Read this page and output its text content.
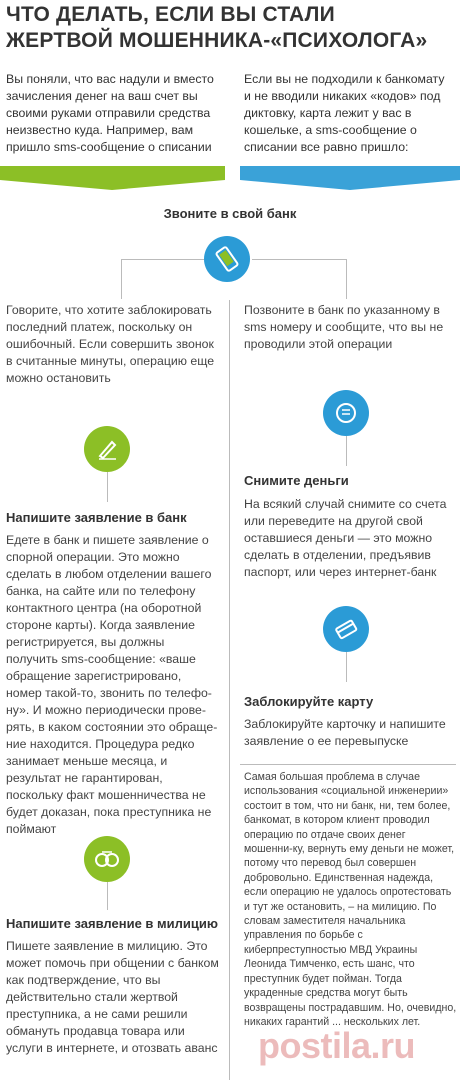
ЧТО ДЕЛАТЬ, ЕСЛИ ВЫ СТАЛИ
ЖЕРТВОЙ МОШЕННИКА-«ПСИХОЛОГА»
Вы поняли, что вас надули и вместо зачисления денег на ваш счет вы своими руками отправили средства неизвестно куда. Например, вам пришло sms-сообщение о списании
Если вы не подходили к банкомату и не вводили никаких «кодов» под диктовку, карта лежит у вас в кошельке, а sms-сообщение о списании все равно пришло:
Звоните в свой банк
Говорите, что хотите заблокировать последний платеж, поскольку он ошибочный. Если совершить звонок в считанные минуты, операцию еще можно остановить
Позвоните в банк по указанному в sms номеру и сообщите, что вы не проводили этой операции
Снимите деньги
На всякий случай снимите со счета или переведите на другой свой оставшиеся деньги — это можно сделать в отделении, предъявив паспорт, или через интернет-банк
Напишите заявление в банк
Едете в банк и пишете заявление о спорной операции. Это можно сделать в любом отделении вашего банка, на сайте или по телефону контактного центра (на оборотной стороне карты). Когда заявление регистрируется, вы должны получить sms-сообщение: «ваше обращение зарегистрировано, номер такой-то, звонить по телефо-ну». И можно периодически прове-рять, в каком состоянии это обраще-ние находится. Процедура редко занимает меньше месяца, и результат не гарантирован, поскольку факт мошенничества не будет доказан, пока преступника не поймают
Заблокируйте карту
Заблокируйте карточку и напишите заявление о ее перевыпуске
Самая большая проблема в случае использования «социальной инженерии» состоит в том, что ни банк, ни, тем более, банкомат, в котором клиент проводил операцию по отдаче своих денег мошенни-ку, вернуть ему деньги не может, потому что перевод был совершен добровольно. Единственная надежда, если операцию не удалось опротестовать и тут же остановить, – на милицию. По словам заместителя начальника управления по борьбе с киберпреступностью МВД Украины Леонида Тимченко, есть шанс, что преступник будет пойман. Тогда украденные средства могут быть возвращены пострадавшим. Но, очевидно, никаких гарантий ... нескольких лет.
Напишите заявление в милицию
Пишете заявление в милицию. Это может помочь при общении с банком как подтверждение, что вы действительно стали жертвой преступника, а не сами решили обмануть продавца товара или услуги в интернете, и отозвать аванс postila.ru
